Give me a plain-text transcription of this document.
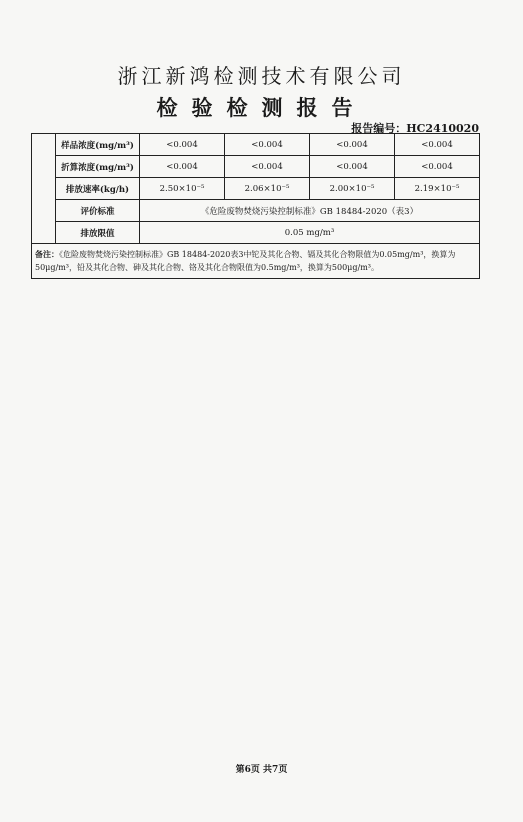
浙江新鸿检测技术有限公司
检验检测报告
报告编号：HC2410020
	样品浓度(mg/m³)	<0.004	<0.004	<0.004	<0.004
	折算浓度(mg/m³)	<0.004	<0.004	<0.004	<0.004
	排放速率(kg/h)	2.50×10⁻⁵	2.06×10⁻⁵	2.00×10⁻⁵	2.19×10⁻⁵
	评价标准	《危险废物焚烧污染控制标准》GB 18484-2020（表3）			
	排放限值	0.05 mg/m³			
备注：《危险废物焚烧污染控制标准》GB 18484-2020表3中铊及其化合物、镉及其化合物限值为0.05mg/m³，换算为50μg/m³，铅及其化合物、砷及其化合物、铬及其化合物限值为0.5mg/m³，换算为500μg/m³。					
第6页 共7页
